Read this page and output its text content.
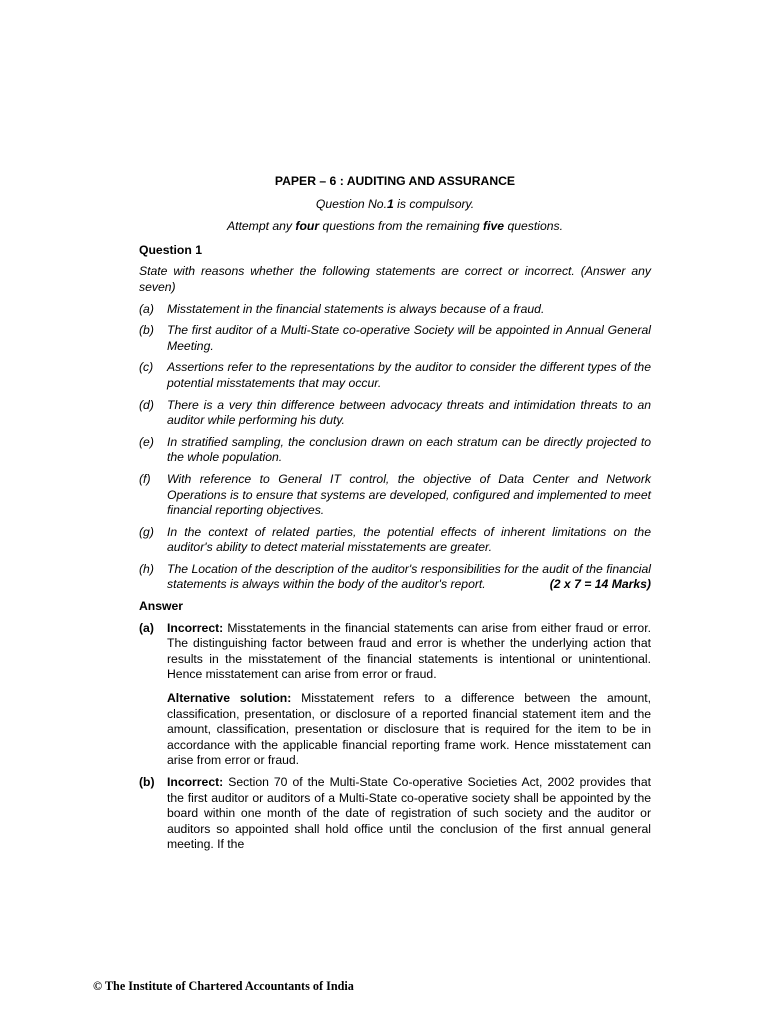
PAPER – 6 : AUDITING AND ASSURANCE
Question No.1 is compulsory.
Attempt any four questions from the remaining five questions.
Question 1
State with reasons whether the following statements are correct or incorrect. (Answer any seven)
(a)	Misstatement in the financial statements is always because of a fraud.
(b)	The first auditor of a Multi-State co-operative Society will be appointed in Annual General Meeting.
(c)	Assertions refer to the representations by the auditor to consider the different types of the potential misstatements that may occur.
(d)	There is a very thin difference between advocacy threats and intimidation threats to an auditor while performing his duty.
(e)	In stratified sampling, the conclusion drawn on each stratum can be directly projected to the whole population.
(f)	With reference to General IT control, the objective of Data Center and Network Operations is to ensure that systems are developed, configured and implemented to meet financial reporting objectives.
(g)	In the context of related parties, the potential effects of inherent limitations on the auditor's ability to detect material misstatements are greater.
(h)	The Location of the description of the auditor's responsibilities for the audit of the financial statements is always within the body of the auditor's report.	(2 x 7 = 14 Marks)
Answer
(a)	Incorrect: Misstatements in the financial statements can arise from either fraud or error. The distinguishing factor between fraud and error is whether the underlying action that results in the misstatement of the financial statements is intentional or unintentional. Hence misstatement can arise from error or fraud.
Alternative solution: Misstatement refers to a difference between the amount, classification, presentation, or disclosure of a reported financial statement item and the amount, classification, presentation or disclosure that is required for the item to be in accordance with the applicable financial reporting frame work. Hence misstatement can arise from error or fraud.
(b)	Incorrect: Section 70 of the Multi-State Co-operative Societies Act, 2002 provides that the first auditor or auditors of a Multi-State co-operative society shall be appointed by the board within one month of the date of registration of such society and the auditor or auditors so appointed shall hold office until the conclusion of the first annual general meeting. If the
© The Institute of Chartered Accountants of India
